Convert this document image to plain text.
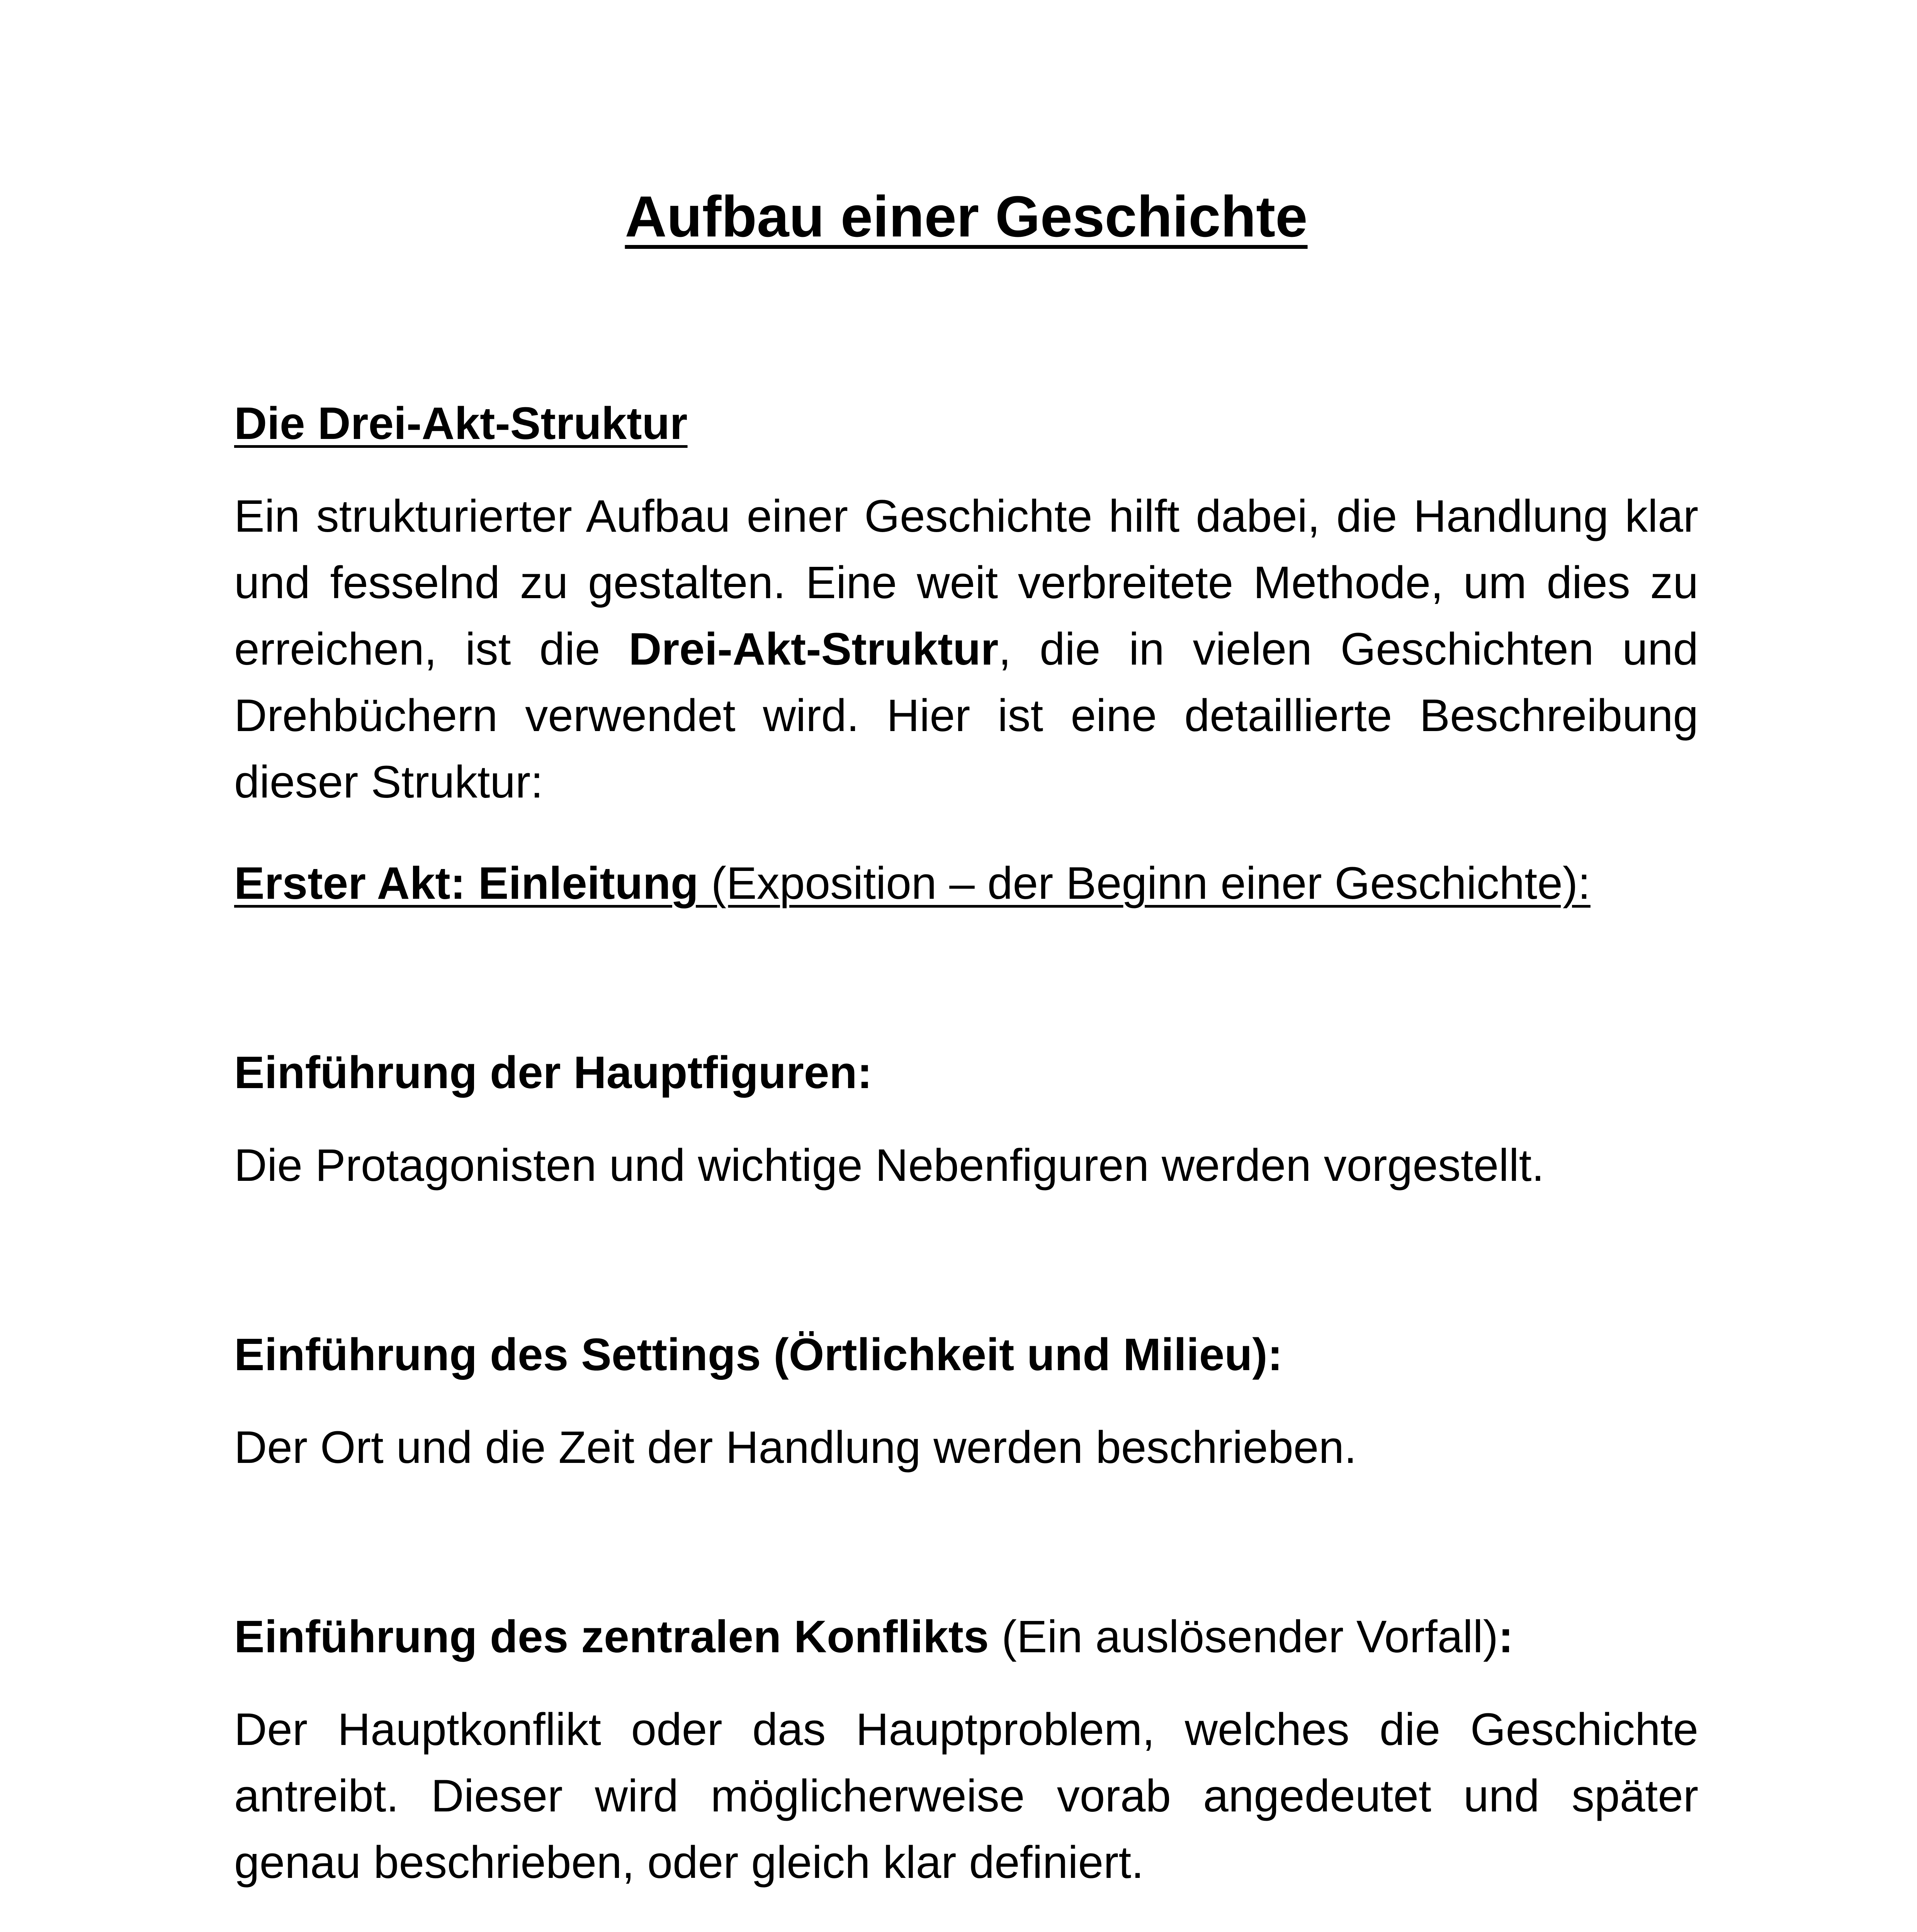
Aufbau einer Geschichte
Die Drei-Akt-Struktur

Ein strukturierter Aufbau einer Geschichte hilft dabei, die Handlung klar und fesselnd zu gestalten. Eine weit verbreitete Methode, um dies zu erreichen, ist die Drei-Akt-Struktur, die in vielen Geschichten und Drehbüchern verwendet wird. Hier ist eine detaillierte Beschreibung dieser Struktur:

Erster Akt: Einleitung (Exposition – der Beginn einer Geschichte):
Einführung der Hauptfiguren:

Die Protagonisten und wichtige Nebenfiguren werden vorgestellt.

Einführung des Settings (Örtlichkeit und Milieu):

Der Ort und die Zeit der Handlung werden beschrieben.

Einführung des zentralen Konflikts (Ein auslösender Vorfall):

Der Hauptkonflikt oder das Hauptproblem, welches die Geschichte antreibt. Dieser wird möglicherweise vorab angedeutet und später genau beschrieben, oder gleich klar definiert.
